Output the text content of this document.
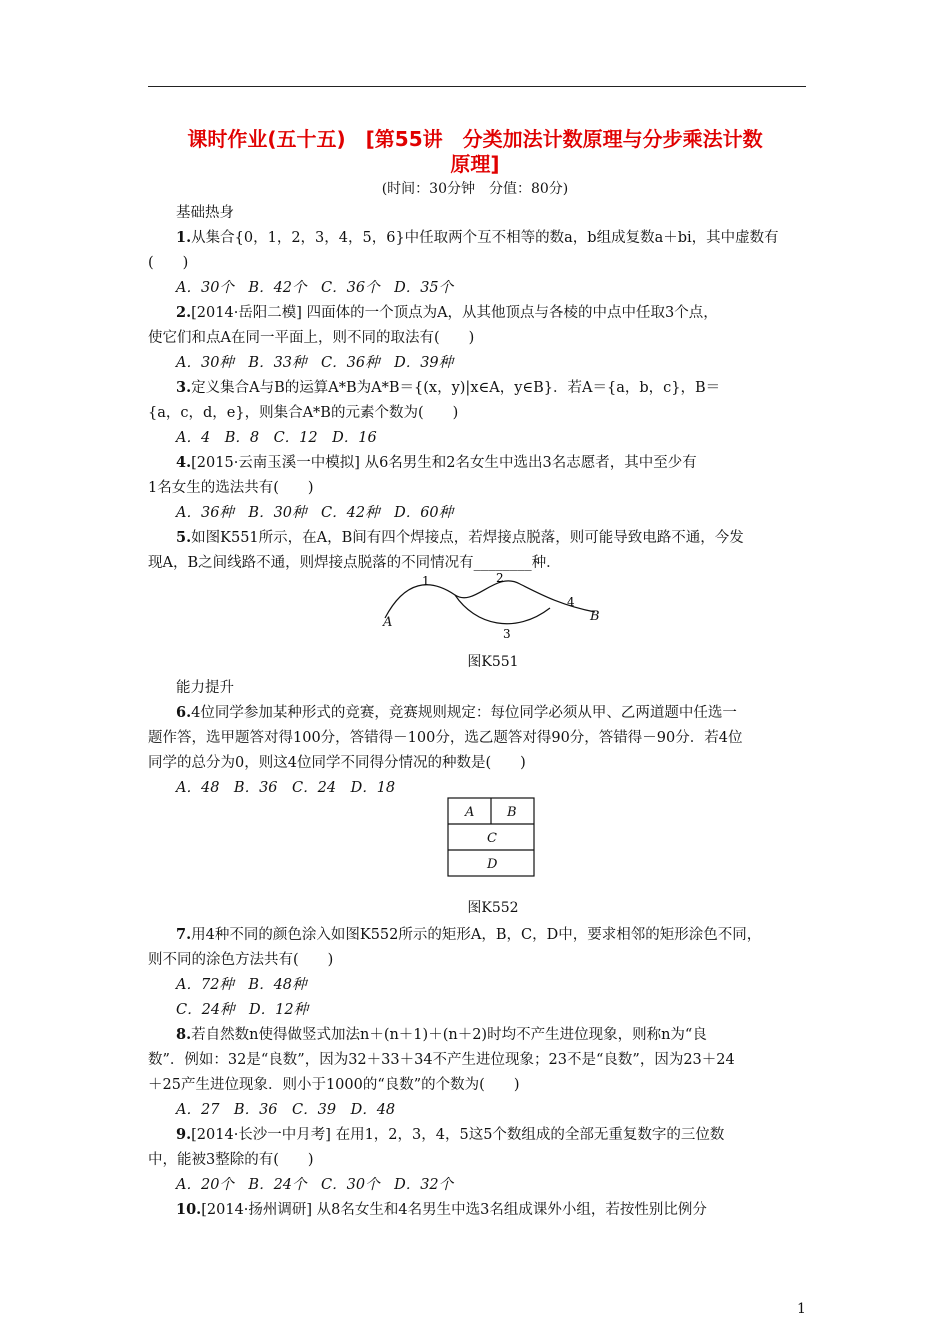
课时作业(五十五)　[第55讲　分类加法计数原理与分步乘法计数
原理]
(时间：30分钟　分值：80分)
基础热身
1.从集合{0，1，2，3，4，5，6}中任取两个互不相等的数a，b组成复数a＋bi，其中虚数有
(　　)
A．30个　B．42个　C．36个　D．35个
2.[2014·岳阳二模] 四面体的一个顶点为A，从其他顶点与各棱的中点中任取3个点，
使它们和点A在同一平面上，则不同的取法有(　　)
A．30种　B．33种　C．36种　D．39种
3.定义集合A与B的运算A*B为A*B＝{(x，y)|x∈A，y∈B}．若A＝{a，b，c}，B＝
{a，c，d，e}，则集合A*B的元素个数为(　　)
A．4　B．8　C．12　D．16
4.[2015·云南玉溪一中模拟] 从6名男生和2名女生中选出3名志愿者，其中至少有
1名女生的选法共有(　　)
A．36种　B．30种　C．42种　D．60种
5.如图K551所示，在A，B间有四个焊接点，若焊接点脱落，则可能导致电路不通，今发
现A，B之间线路不通，则焊接点脱落的不同情况有________种．
A	B
1	2
3
4
图K551
能力提升
6.4位同学参加某种形式的竞赛，竞赛规则规定：每位同学必须从甲、乙两道题中任选一
题作答，选甲题答对得100分，答错得－100分，选乙题答对得90分，答错得－90分．若4位
同学的总分为0，则这4位同学不同得分情况的种数是(　　)
A．48　B．36　C．24　D．18
A	B
C
D
图K552
7.用4种不同的颜色涂入如图K552所示的矩形A，B，C，D中，要求相邻的矩形涂色不同，
则不同的涂色方法共有(　　)
A．72种　B．48种
C．24种　D．12种
8.若自然数n使得做竖式加法n＋(n＋1)＋(n＋2)时均不产生进位现象，则称n为“良
数”．例如：32是“良数”，因为32＋33＋34不产生进位现象；23不是“良数”，因为23＋24
＋25产生进位现象．则小于1000的“良数”的个数为(　　)
A．27　B．36　C．39　D．48
9.[2014·长沙一中月考] 在用1，2，3，4，5这5个数组成的全部无重复数字的三位数
中，能被3整除的有(　　)
A．20个　B．24个　C．30个　D．32个
10.[2014·扬州调研] 从8名女生和4名男生中选3名组成课外小组，若按性别比例分
1
